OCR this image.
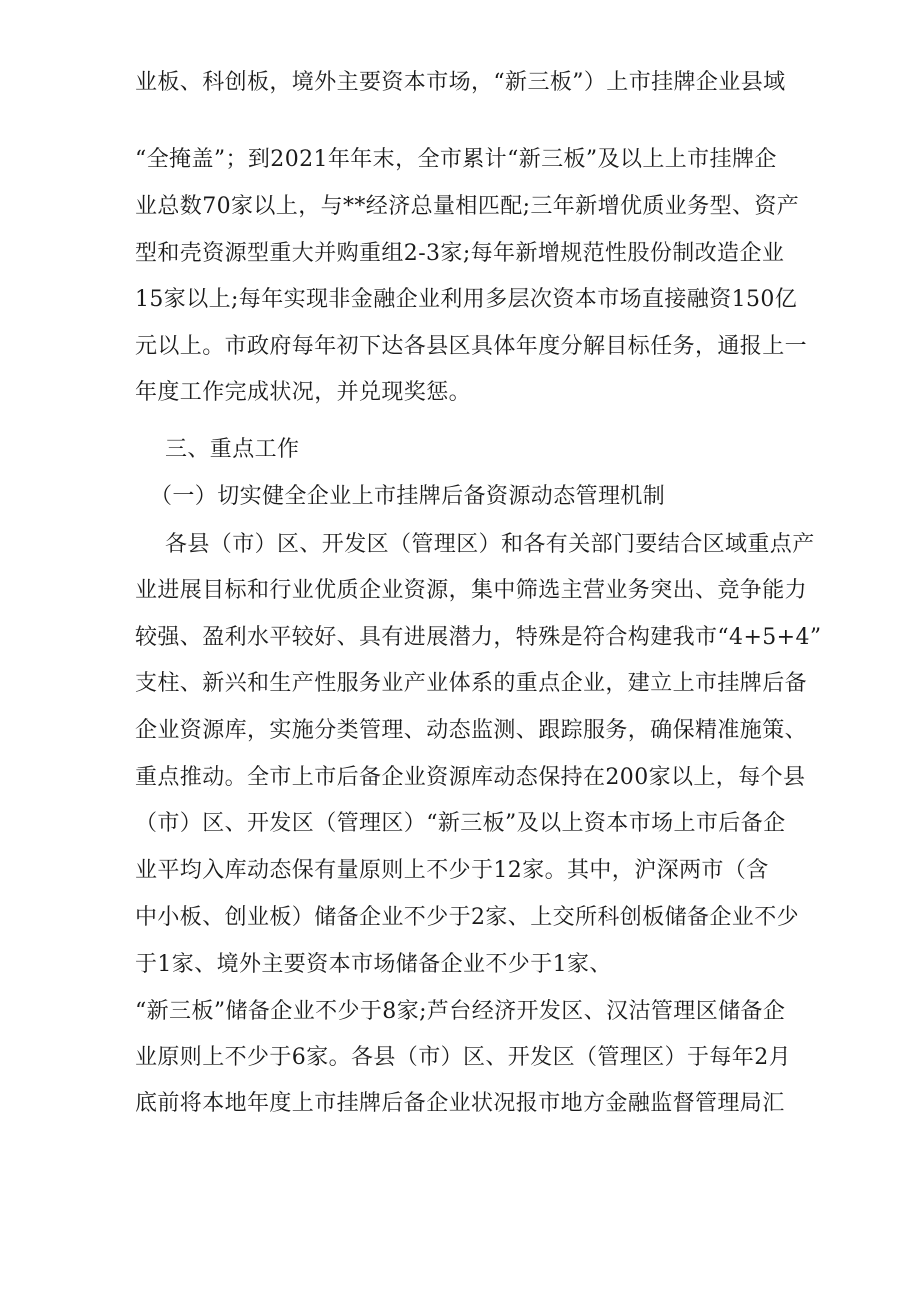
业板、科创板，境外主要资本市场，“新三板”）上市挂牌企业县域
“全掩盖”；到2021年年末，全市累计“新三板”及以上上市挂牌企
业总数70家以上，与**经济总量相匹配;三年新增优质业务型、资产
型和壳资源型重大并购重组2-3家;每年新增规范性股份制改造企业
15家以上;每年实现非金融企业利用多层次资本市场直接融资150亿
元以上。市政府每年初下达各县区具体年度分解目标任务，通报上一
年度工作完成状况，并兑现奖惩。
三、重点工作
（一）切实健全企业上市挂牌后备资源动态管理机制
各县（市）区、开发区（管理区）和各有关部门要结合区域重点产
业进展目标和行业优质企业资源，集中筛选主营业务突出、竞争能力
较强、盈利水平较好、具有进展潜力，特殊是符合构建我市“4+5+4”
支柱、新兴和生产性服务业产业体系的重点企业，建立上市挂牌后备
企业资源库，实施分类管理、动态监测、跟踪服务，确保精准施策、
重点推动。全市上市后备企业资源库动态保持在200家以上，每个县
（市）区、开发区（管理区）“新三板”及以上资本市场上市后备企
业平均入库动态保有量原则上不少于12家。其中，沪深两市（含
中小板、创业板）储备企业不少于2家、上交所科创板储备企业不少
于1家、境外主要资本市场储备企业不少于1家、
“新三板”储备企业不少于8家;芦台经济开发区、汉沽管理区储备企
业原则上不少于6家。各县（市）区、开发区（管理区）于每年2月
底前将本地年度上市挂牌后备企业状况报市地方金融监督管理局汇
